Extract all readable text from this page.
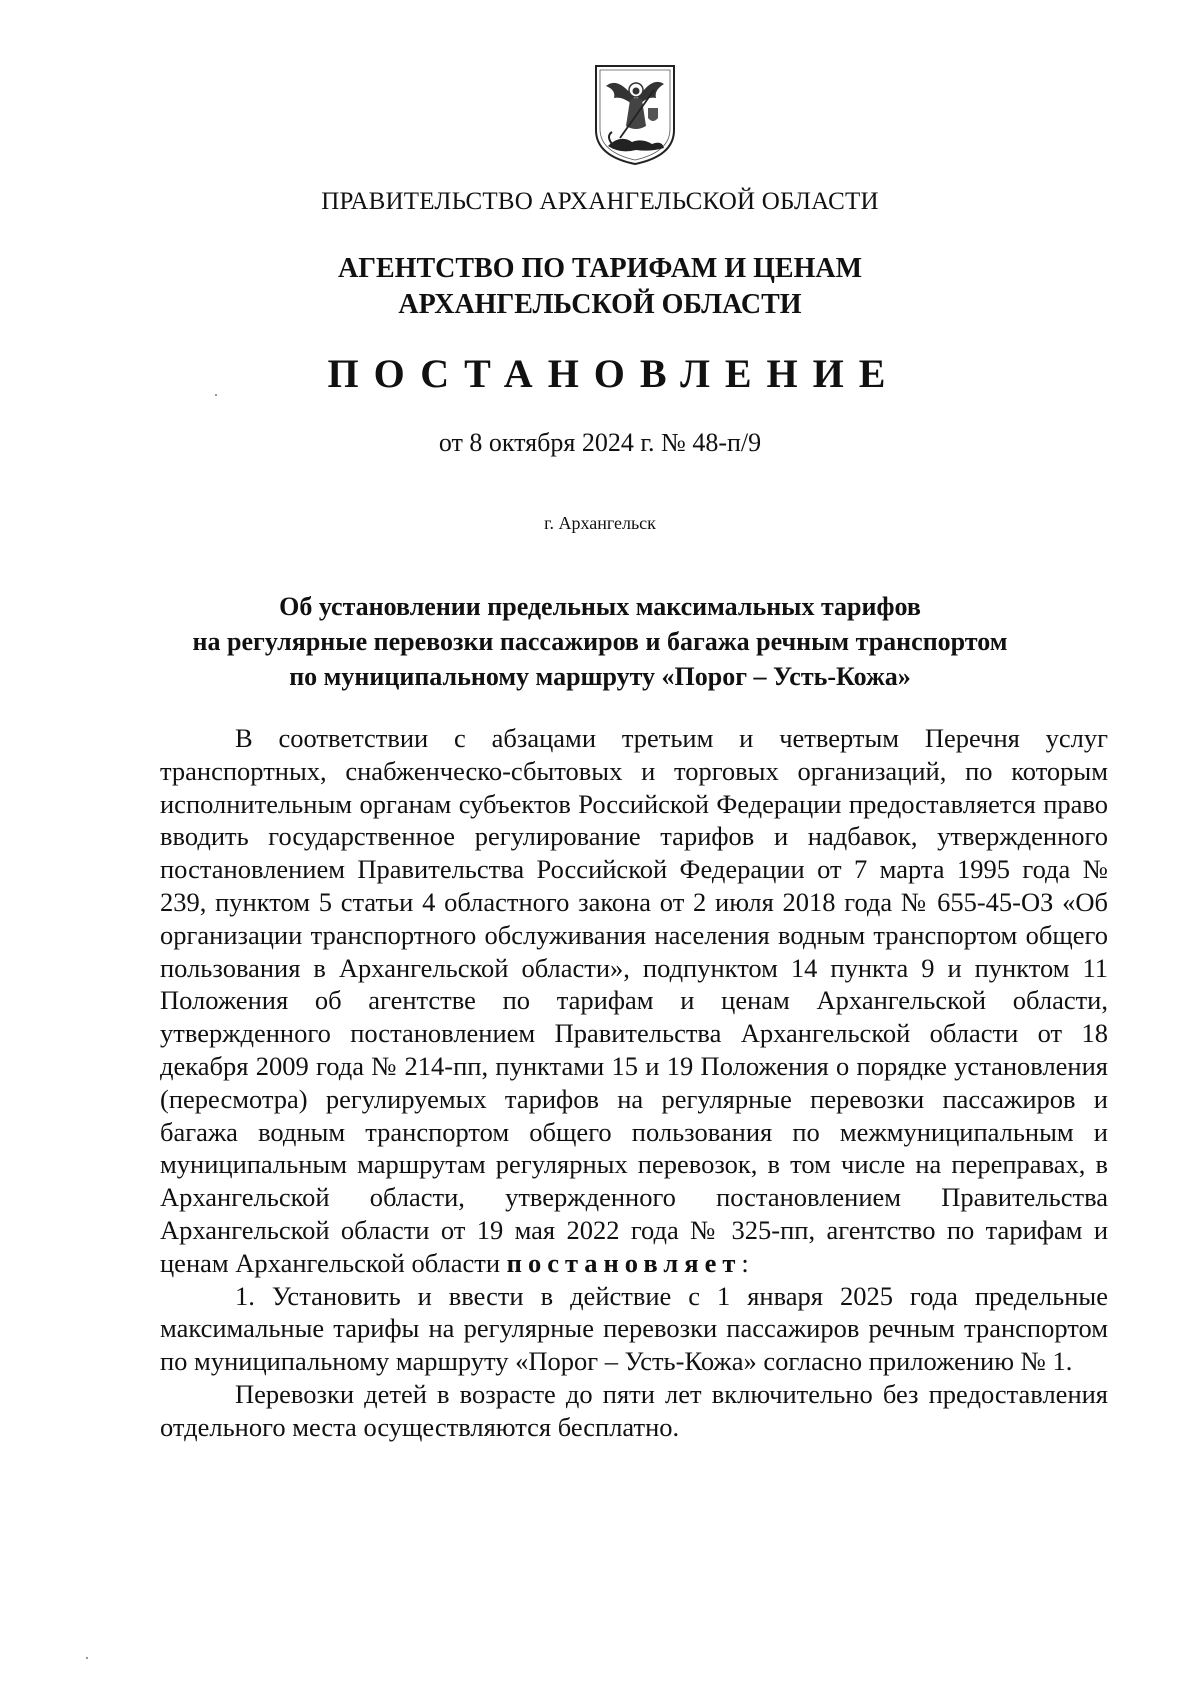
ПРАВИТЕЛЬСТВО АРХАНГЕЛЬСКОЙ ОБЛАСТИ
АГЕНТСТВО ПО ТАРИФАМ И ЦЕНАМ
АРХАНГЕЛЬСКОЙ ОБЛАСТИ
ПОСТАНОВЛЕНИЕ
от 8 октября 2024 г. № 48-п/9
г. Архангельск
Об установлении предельных максимальных тарифов
на регулярные перевозки пассажиров и багажа речным транспортом
по муниципальному маршруту «Порог – Усть-Кожа»

В соответствии с абзацами третьим и четвертым Перечня услуг транспортных, снабженческо-сбытовых и торговых организаций, по которым исполнительным органам субъектов Российской Федерации предоставляется право вводить государственное регулирование тарифов и надбавок, утвержденного постановлением Правительства Российской Федерации от 7 марта 1995 года № 239, пунктом 5 статьи 4 областного закона от 2 июля 2018 года № 655-45-ОЗ «Об организации транспортного обслуживания населения водным транспортом общего пользования в Архангельской области», подпунктом 14 пункта 9 и пунктом 11 Положения об агентстве по тарифам и ценам Архангельской области, утвержденного постановлением Правительства Архангельской области от 18 декабря 2009 года № 214-пп, пунктами 15 и 19 Положения о порядке установления (пересмотра) регулируемых тарифов на регулярные перевозки пассажиров и багажа водным транспортом общего пользования по межмуниципальным и муниципальным маршрутам регулярных перевозок, в том числе на переправах, в Архангельской области, утвержденного постановлением Правительства Архангельской области от 19 мая 2022 года № 325-пп, агентство по тарифам и ценам Архангельской области постановляет:

1. Установить и ввести в действие с 1 января 2025 года предельные максимальные тарифы на регулярные перевозки пассажиров речным транспортом по муниципальному маршруту «Порог – Усть-Кожа» согласно приложению № 1.

Перевозки детей в возрасте до пяти лет включительно без предоставления отдельного места осуществляются бесплатно.
